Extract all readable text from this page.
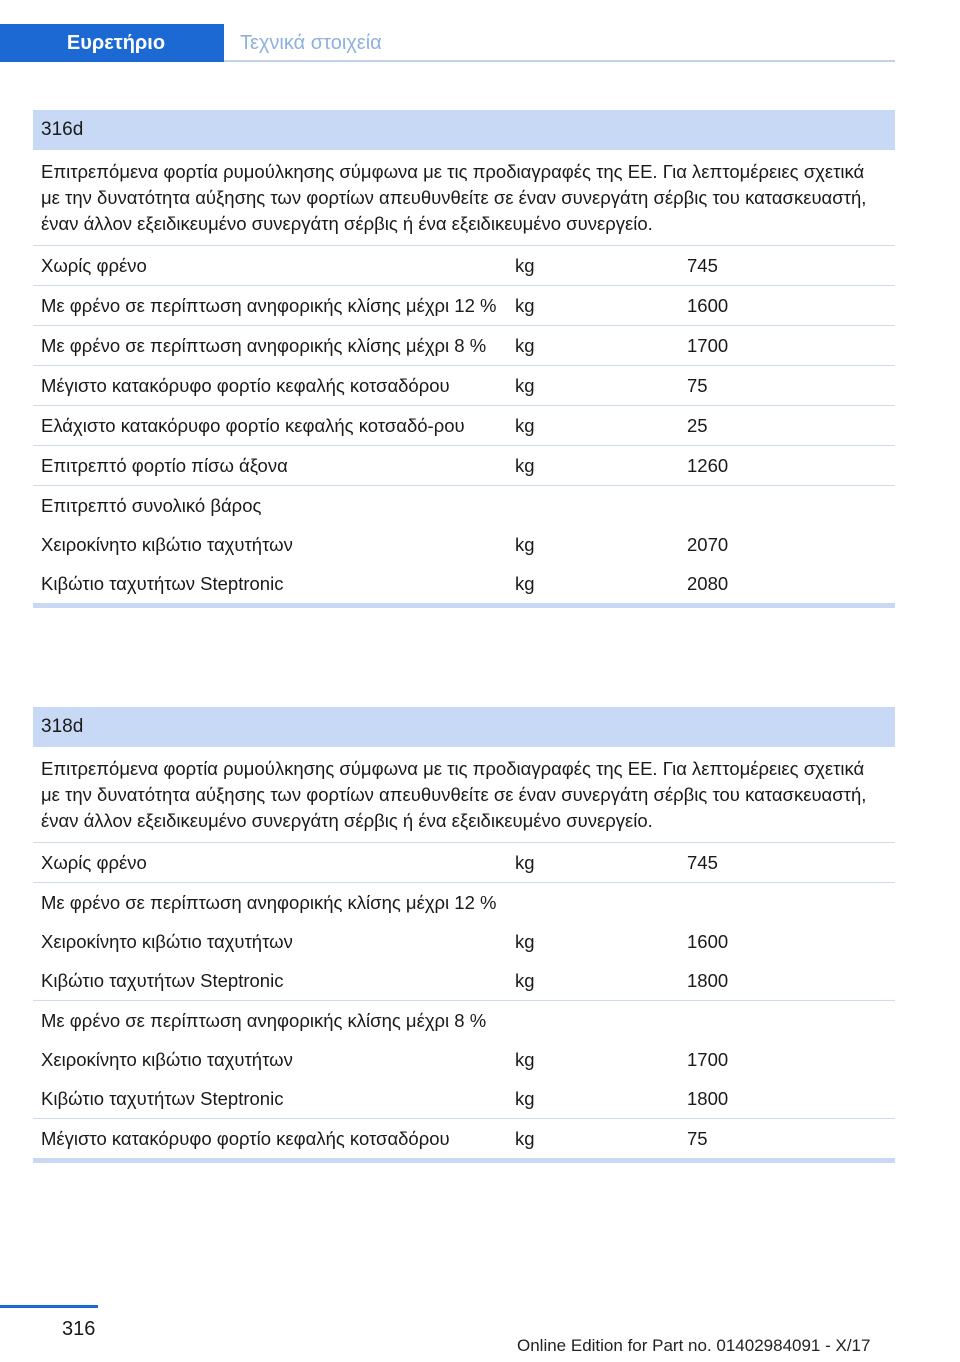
Ευρετήριο	Τεχνικά στοιχεία
316d
Επιτρεπόμενα φορτία ρυμούλκησης σύμφωνα με τις προδιαγραφές της ΕΕ. Για λεπτομέρειες σχετικά με την δυνατότητα αύξησης των φορτίων απευθυνθείτε σε έναν συνεργάτη σέρβις του κατασκευαστή, έναν άλλον εξειδικευμένο συνεργάτη σέρβις ή ένα εξειδικευμένο συνεργείο.
Χωρίς φρένο	kg	745
Με φρένο σε περίπτωση ανηφορικής κλίσης μέχρι 12 %	kg	1600
Με φρένο σε περίπτωση ανηφορικής κλίσης μέχρι 8 %	kg	1700
Μέγιστο κατακόρυφο φορτίο κεφαλής κοτσαδόρου	kg	75
Ελάχιστο κατακόρυφο φορτίο κεφαλής κοτσαδό-ρου	kg	25
Επιτρεπτό φορτίο πίσω άξονα	kg	1260
Επιτρεπτό συνολικό βάρος
Χειροκίνητο κιβώτιο ταχυτήτων	kg	2070
Κιβώτιο ταχυτήτων Steptronic	kg	2080
318d
Επιτρεπόμενα φορτία ρυμούλκησης σύμφωνα με τις προδιαγραφές της ΕΕ. Για λεπτομέρειες σχετικά με την δυνατότητα αύξησης των φορτίων απευθυνθείτε σε έναν συνεργάτη σέρβις του κατασκευαστή, έναν άλλον εξειδικευμένο συνεργάτη σέρβις ή ένα εξειδικευμένο συνεργείο.
Χωρίς φρένο	kg	745
Με φρένο σε περίπτωση ανηφορικής κλίσης μέχρι 12 %
Χειροκίνητο κιβώτιο ταχυτήτων	kg	1600
Κιβώτιο ταχυτήτων Steptronic	kg	1800
Με φρένο σε περίπτωση ανηφορικής κλίσης μέχρι 8 %
Χειροκίνητο κιβώτιο ταχυτήτων	kg	1700
Κιβώτιο ταχυτήτων Steptronic	kg	1800
Μέγιστο κατακόρυφο φορτίο κεφαλής κοτσαδόρου	kg	75
316
Online Edition for Part no. 01402984091 - X/17
